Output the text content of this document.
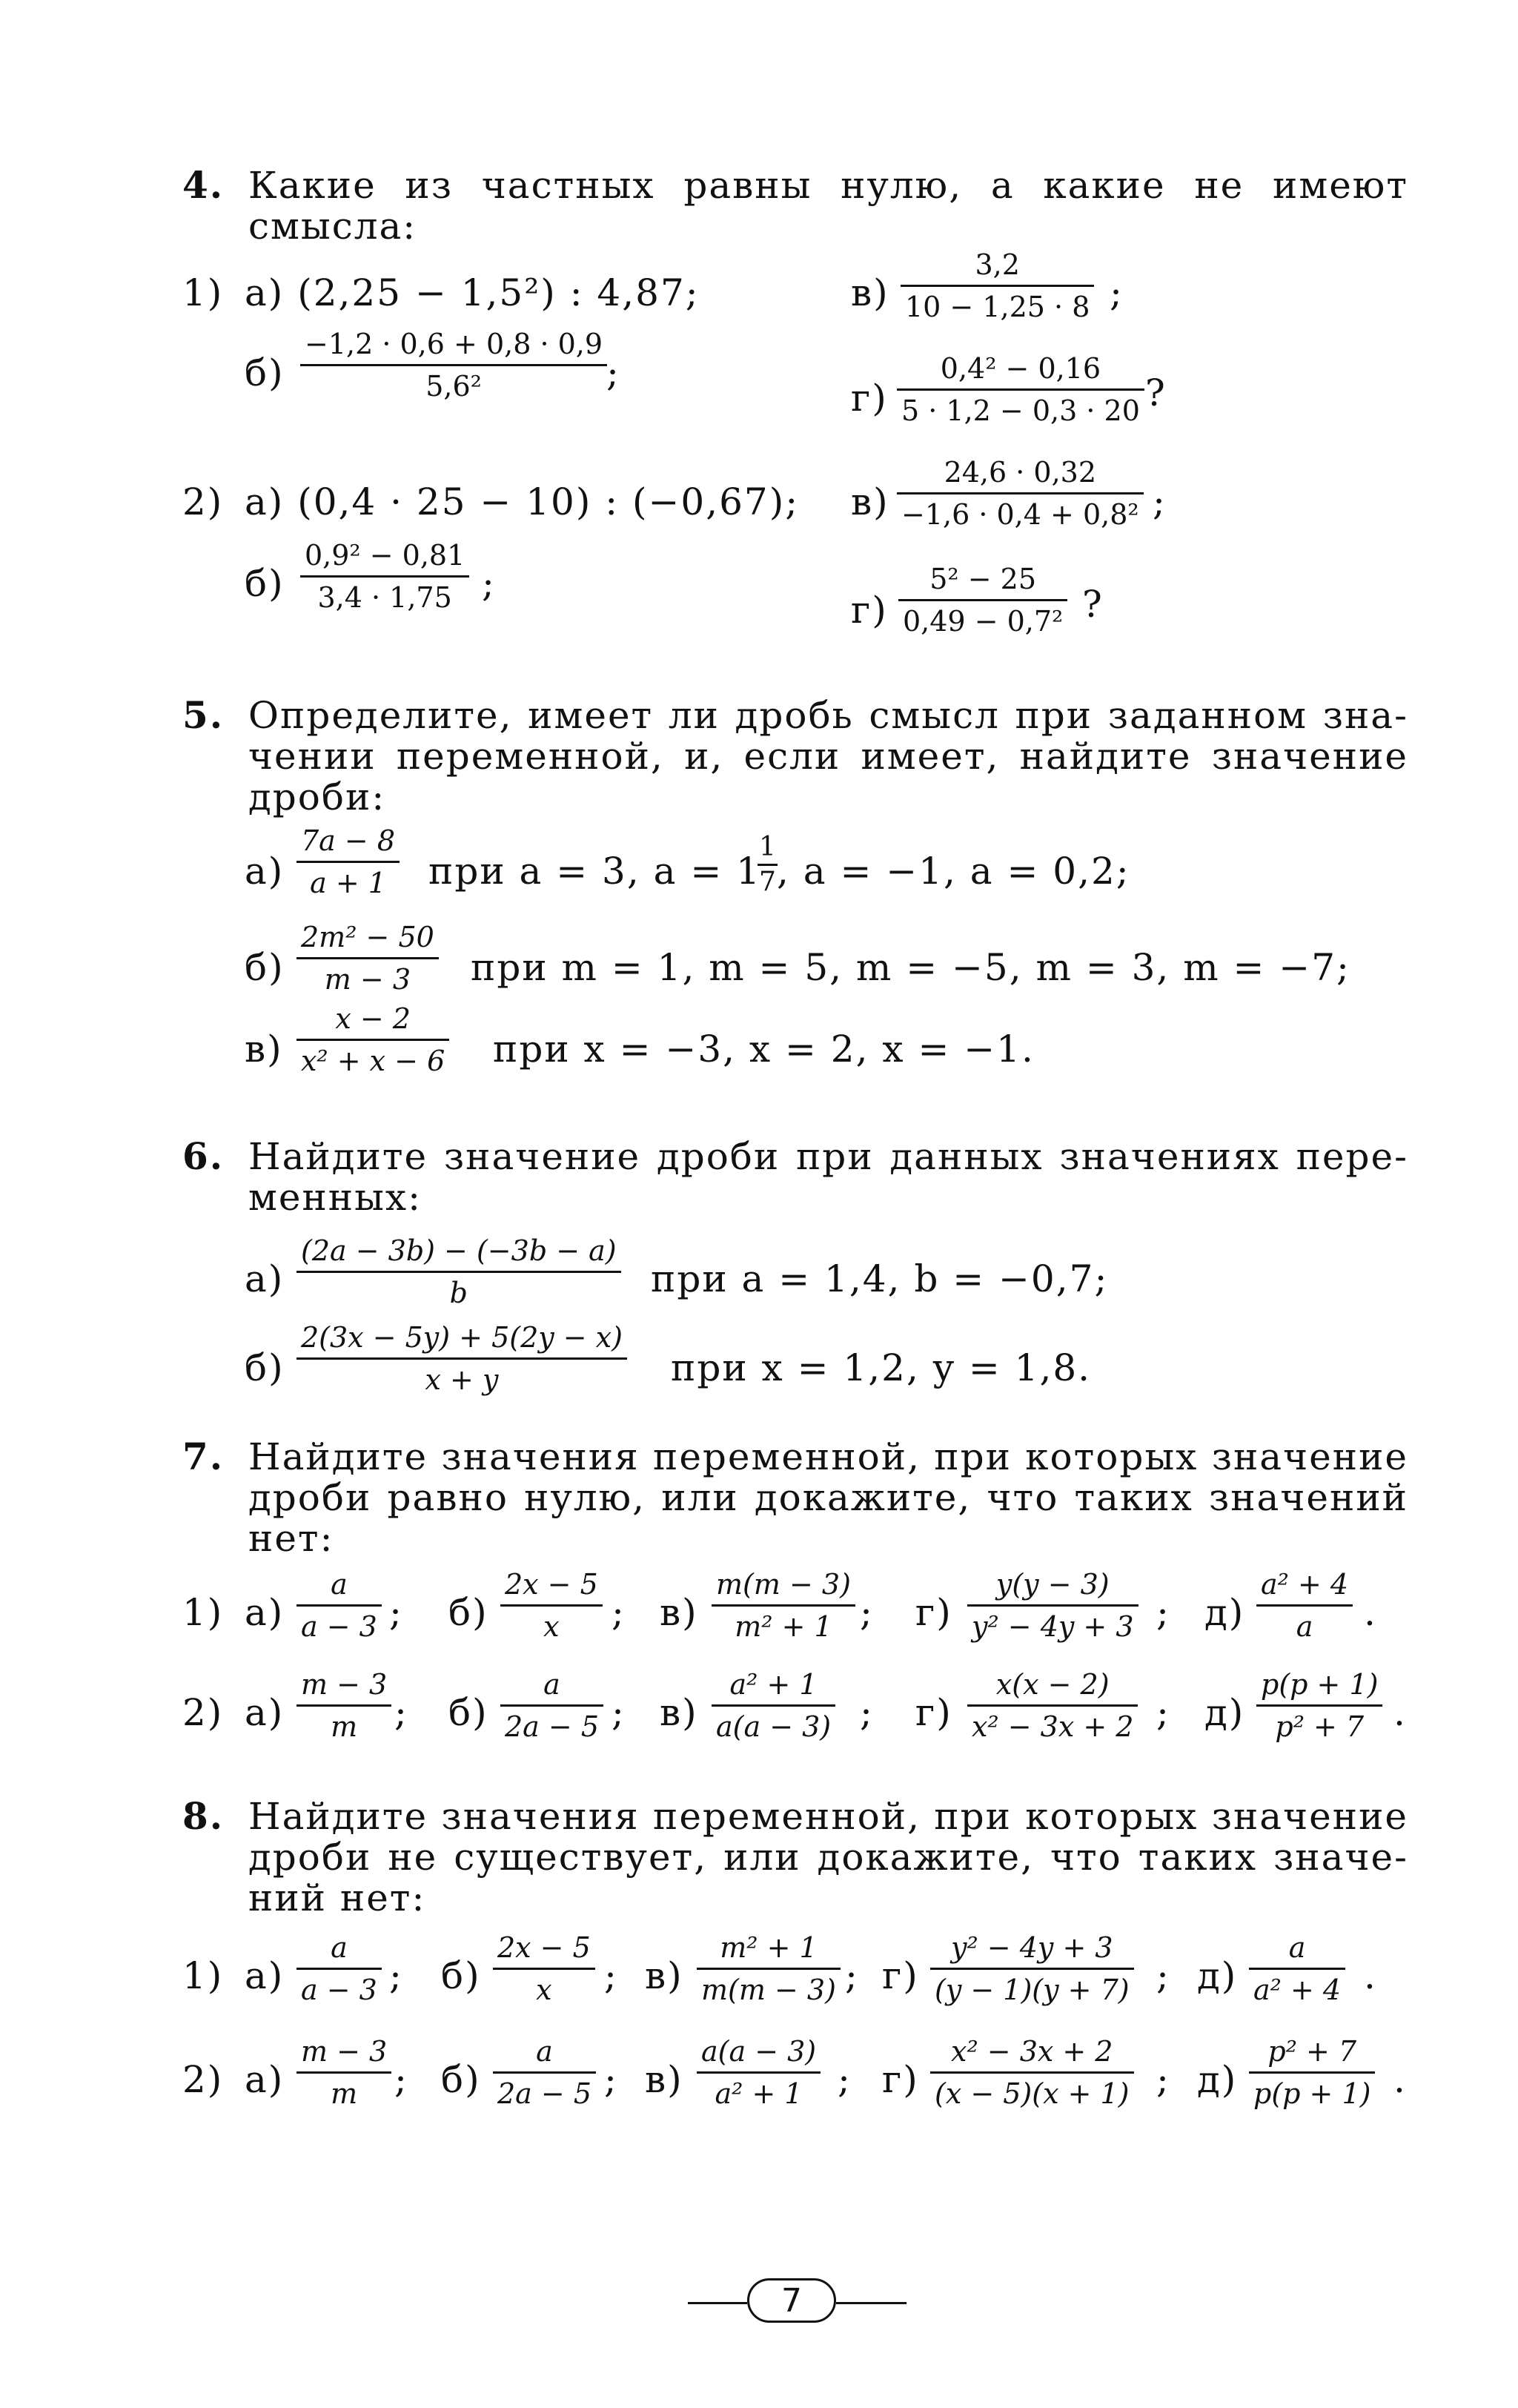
4. Какие из частных равны нулю, а какие не имеют
смысла:
1) а) (2,25 − 1,5²) : 4,87;
б)
−1,2 · 0,6 + 0,8 · 0,9
5,6²	;
в)
3,2
10 − 1,25 · 8 ;
г)
0,4² − 0,16
5 · 1,2 − 0,3 · 20 ?
2) а) (0,4 · 25 − 10) : (−0,67);
б)
0,9² − 0,81
3,4 · 1,75 ;
в)
24,6 · 0,32
−1,6 · 0,4 + 0,8² ;
г)
5² − 25
0,49 − 0,7² ?
5. Определите, имеет ли дробь смысл при заданном зна-
чении переменной, и, если имеет, найдите значение
дроби:
а)
7a − 8
a + 1 при a = 3, a = 1
1
7 , a = −1, a = 0,2;
б)
2m² − 50
m − 3 при m = 1, m = 5, m = −5, m = 3, m = −7;
в)
x − 2
x² + x − 6 при x = −3, x = 2, x = −1.
6. Найдите значение дроби при данных значениях пере-
менных:
а)
(2a − 3b) − (−3b − a)
b	при a = 1,4, b = −0,7;
б)
2(3x − 5y) + 5(2y − x)
x + y	при x = 1,2, y = 1,8.
7. Найдите значения переменной, при которых значение
дроби равно нулю, или докажите, что таких значений
нет:
1)
2)
а)
a
a − 3 ; б)
2x − 5
x ; в)
m(m − 3)
m² + 1 ; г)
y(y − 3)
y² − 4y + 3 ; д)
a² + 4
a .
а)
m − 3
m ; б)
a
2a − 5 ; в)
a² + 1
a(a − 3) ; г)
x(x − 2)
x² − 3x + 2 ; д)
p(p + 1)
p² + 7 .
8. Найдите значения переменной, при которых значение
дроби не существует, или докажите, что таких значе-
ний нет:
1)
2)
а)
a
a − 3 ; б)
2x − 5
x ; в)
m² + 1
m(m − 3) ; г)
y² − 4y + 3
(y − 1)(y + 7) ; д)
a
a² + 4 .
а)
m − 3
m ; б)
a
2a − 5 ; в)
a(a − 3)
a² + 1 ; г)
x² − 3x + 2
(x − 5)(x + 1) ; д)
p² + 7
p(p + 1) .
7
